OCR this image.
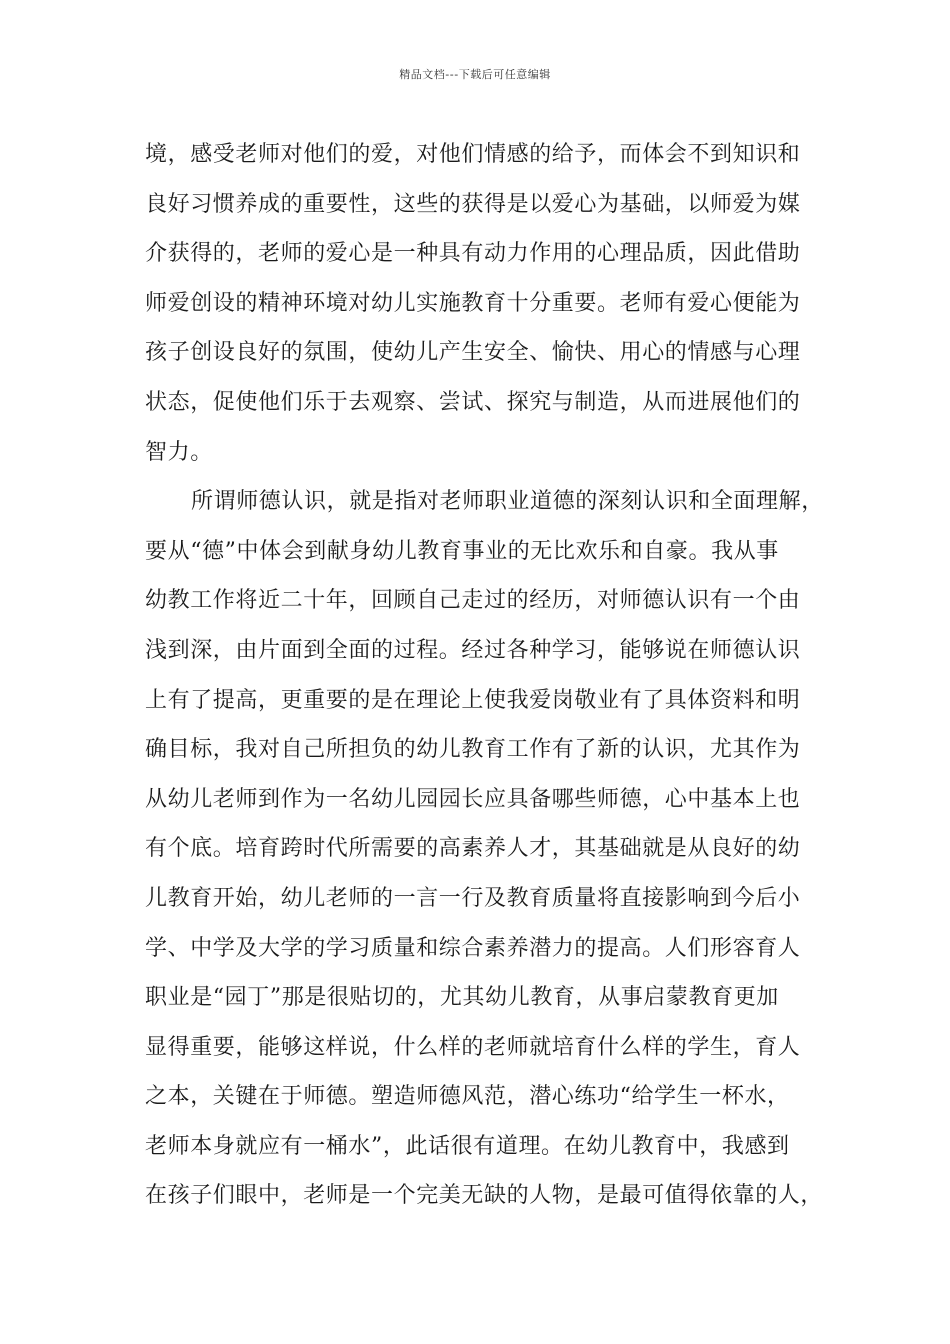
精品文档---下载后可任意编辑
境，感受老师对他们的爱，对他们情感的给予，而体会不到知识和
良好习惯养成的重要性，这些的获得是以爱心为基础，以师爱为媒
介获得的，老师的爱心是一种具有动力作用的心理品质，因此借助
师爱创设的精神环境对幼儿实施教育十分重要。老师有爱心便能为
孩子创设良好的氛围，使幼儿产生安全、愉快、用心的情感与心理
状态，促使他们乐于去观察、尝试、探究与制造，从而进展他们的
智力。
所谓师德认识，就是指对老师职业道德的深刻认识和全面理解，
要从“德”中体会到献身幼儿教育事业的无比欢乐和自豪。我从事
幼教工作将近二十年，回顾自己走过的经历，对师德认识有一个由
浅到深，由片面到全面的过程。经过各种学习，能够说在师德认识
上有了提高，更重要的是在理论上使我爱岗敬业有了具体资料和明
确目标，我对自己所担负的幼儿教育工作有了新的认识，尤其作为
从幼儿老师到作为一名幼儿园园长应具备哪些师德，心中基本上也
有个底。培育跨时代所需要的高素养人才，其基础就是从良好的幼
儿教育开始，幼儿老师的一言一行及教育质量将直接影响到今后小
学、中学及大学的学习质量和综合素养潜力的提高。人们形容育人
职业是“园丁”那是很贴切的，尤其幼儿教育，从事启蒙教育更加
显得重要，能够这样说，什么样的老师就培育什么样的学生，育人
之本，关键在于师德。塑造师德风范，潜心练功“给学生一杯水，
老师本身就应有一桶水”，此话很有道理。在幼儿教育中，我感到
在孩子们眼中，老师是一个完美无缺的人物，是最可值得依靠的人，
